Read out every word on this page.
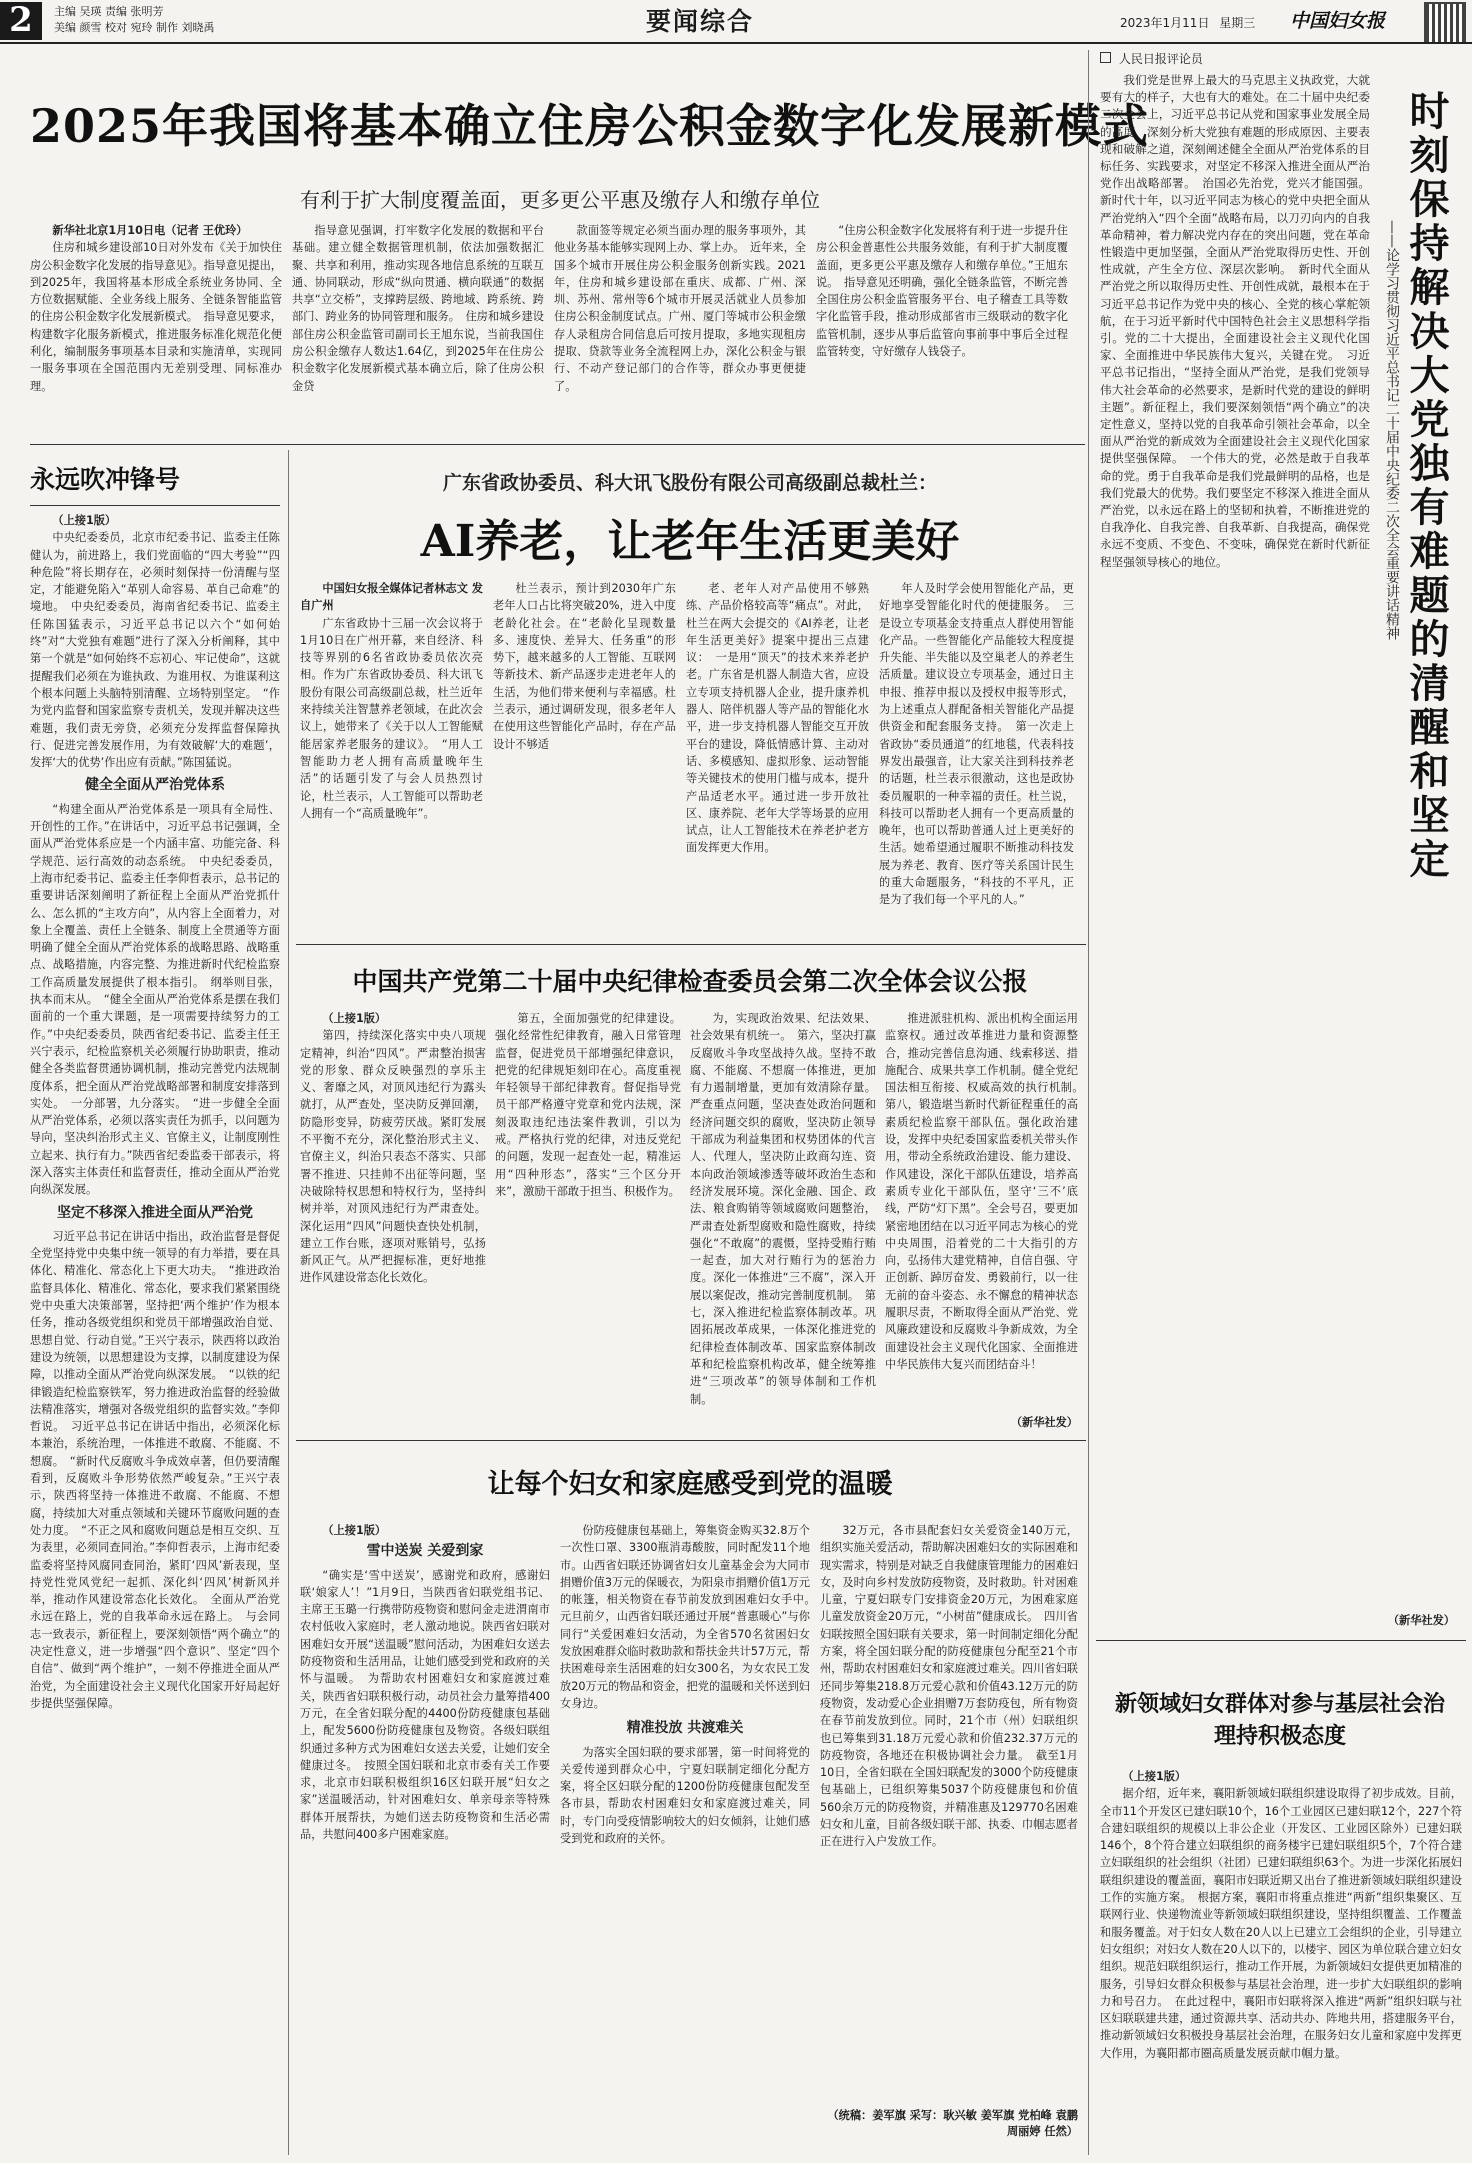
2	主编 吴瑛 责编 张明芳
美编 颜雪 校对 宛玲 制作 刘晓禹	要闻综合	2023年1月11日 星期三	中国妇女报
2025年我国将基本确立住房公积金数字化发展新模式
有利于扩大制度覆盖面，更多更公平惠及缴存人和缴存单位

新华社北京1月10日电（记者 王优玲）

住房和城乡建设部10日对外发布《关于加快住房公积金数字化发展的指导意见》。指导意见提出，到2025年，我国将基本形成全系统业务协同、全方位数据赋能、全业务线上服务、全链条智能监管的住房公积金数字化发展新模式。　指导意见要求，构建数字化服务新模式，推进服务标准化规范化便利化，编制服务事项基本目录和实施清单，实现同一服务事项在全国范围内无差别受理、同标准办理。

指导意见强调，打牢数字化发展的数据和平台基础。建立健全数据管理机制，依法加强数据汇聚、共享和利用，推动实现各地信息系统的互联互通、协同联动，形成“纵向贯通、横向联通”的数据共享“立交桥”，支撑跨层级、跨地域、跨系统、跨部门、跨业务的协同管理和服务。　住房和城乡建设部住房公积金监管司副司长王旭东说，当前我国住房公积金缴存人数达1.64亿，到2025年在住房公积金数字化发展新模式基本确立后，除了住房公积金贷

款面签等规定必须当面办理的服务事项外，其他业务基本能够实现网上办、掌上办。　近年来，全国多个城市开展住房公积金服务创新实践。2021年，住房和城乡建设部在重庆、成都、广州、深圳、苏州、常州等6个城市开展灵活就业人员参加住房公积金制度试点。广州、厦门等城市公积金缴存人录租房合同信息后可按月提取，多地实现租房提取、贷款等业务全流程网上办，深化公积金与银行、不动产登记部门的合作等，群众办事更便捷了。

“住房公积金数字化发展将有利于进一步提升住房公积金普惠性公共服务效能，有利于扩大制度覆盖面，更多更公平惠及缴存人和缴存单位。”王旭东说。　指导意见还明确，强化全链条监管，不断完善全国住房公积金监管服务平台、电子稽查工具等数字化监管手段，推动形成部省市三级联动的数字化监管机制，逐步从事后监管向事前事中事后全过程监管转变，守好缴存人钱袋子。

永远吹冲锋号

（上接1版）

中央纪委委员，北京市纪委书记、监委主任陈健认为，前进路上，我们党面临的“四大考验”“四种危险”将长期存在，必须时刻保持一份清醒与坚定，才能避免陷入“革别人命容易、革自己命难”的境地。　中央纪委委员，海南省纪委书记、监委主任陈国猛表示，习近平总书记以六个“如何始终”对“大党独有难题”进行了深入分析阐释，其中第一个就是“如何始终不忘初心、牢记使命”，这就提醒我们必须在为谁执政、为谁用权、为谁谋利这个根本问题上头脑特别清醒、立场特别坚定。　“作为党内监督和国家监察专责机关，发现并解决这些难题，我们责无旁贷，必须充分发挥监督保障执行、促进完善发展作用，为有效破解‘大的难题’，发挥‘大的优势’作出应有贡献。”陈国猛说。

健全全面从严治党体系

“构建全面从严治党体系是一项具有全局性、开创性的工作。”在讲话中，习近平总书记强调，全面从严治党体系应是一个内涵丰富、功能完备、科学规范、运行高效的动态系统。　中央纪委委员，上海市纪委书记、监委主任李仰哲表示，总书记的重要讲话深刻阐明了新征程上全面从严治党抓什么、怎么抓的“主攻方向”，从内容上全面着力，对象上全覆盖、责任上全链条、制度上全贯通等方面明确了健全全面从严治党体系的战略思路、战略重点、战略措施，内容完整、为推进新时代纪检监察工作高质量发展提供了根本指引。　纲举则目张，执本而末从。　“健全全面从严治党体系是摆在我们面前的一个重大课题，是一项需要持续努力的工作。”中央纪委委员，陕西省纪委书记、监委主任王兴宁表示，纪检监察机关必须履行协助职责，推动健全各类监督贯通协调机制，推动完善党内法规制度体系，把全面从严治党战略部署和制度安排落到实处。　一分部署，九分落实。　“进一步健全全面从严治党体系，必须以落实责任为抓手，以问题为导向，坚决纠治形式主义、官僚主义，让制度刚性立起来、执行有力。”陕西省纪委监委干部表示，将深入落实主体责任和监督责任，推动全面从严治党向纵深发展。

坚定不移深入推进全面从严治党

习近平总书记在讲话中指出，政治监督是督促全党坚持党中央集中统一领导的有力举措，要在具体化、精准化、常态化上下更大功夫。　“推进政治监督具体化、精准化、常态化，要求我们紧紧围绕党中央重大决策部署，坚持把‘两个维护’作为根本任务，推动各级党组织和党员干部增强政治自觉、思想自觉、行动自觉。”王兴宁表示，陕西将以政治建设为统领，以思想建设为支撑，以制度建设为保障，以推动全面从严治党向纵深发展。　“以铁的纪律锻造纪检监察铁军，努力推进政治监督的经验做法精准落实，增强对各级党组织的监督实效。”李仰哲说。　习近平总书记在讲话中指出，必须深化标本兼治，系统治理，一体推进不敢腐、不能腐、不想腐。　“新时代反腐败斗争成效卓著，但仍要清醒看到，反腐败斗争形势依然严峻复杂。”王兴宁表示，陕西将坚持一体推进不敢腐、不能腐、不想腐，持续加大对重点领域和关键环节腐败问题的查处力度。　“不正之风和腐败问题总是相互交织、互为表里，必须同查同治。”李仰哲表示，上海市纪委监委将坚持风腐同查同治，紧盯‘四风’新表现，坚持党性党风党纪一起抓、深化纠‘四风’树新风并举，推动作风建设常态化长效化。　全面从严治党永远在路上，党的自我革命永远在路上。　与会同志一致表示，新征程上，要深刻领悟“两个确立”的决定性意义，进一步增强“四个意识”、坚定“四个自信”、做到“两个维护”，一刻不停推进全面从严治党，为全面建设社会主义现代化国家开好局起好步提供坚强保障。

广东省政协委员、科大讯飞股份有限公司高级副总裁杜兰：
AI养老，让老年生活更美好

中国妇女报全媒体记者林志文 发自广州

广东省政协十三届一次会议将于1月10日在广州开幕，来自经济、科技等界别的6名省政协委员依次亮相。作为广东省政协委员、科大讯飞股份有限公司高级副总裁，杜兰近年来持续关注智慧养老领域，在此次会议上，她带来了《关于以人工智能赋能居家养老服务的建议》。　“用人工智能助力老人拥有高质量晚年生活”的话题引发了与会人员热烈讨论，杜兰表示，人工智能可以帮助老人拥有一个“高质量晚年”。

杜兰表示，预计到2030年广东老年人口占比将突破20%，进入中度老龄化社会。在“老龄化呈现数量多、速度快、差异大、任务重”的形势下，越来越多的人工智能、互联网等新技术、新产品逐步走进老年人的生活，为他们带来便利与幸福感。杜兰表示，通过调研发现，很多老年人在使用这些智能化产品时，存在产品设计不够适

老、老年人对产品使用不够熟练、产品价格较高等“痛点”。对此，杜兰在两大会提交的《AI养老，让老年生活更美好》提案中提出三点建议：　一是用“顶天”的技术来养老护老。广东省是机器人制造大省，应设立专项支持机器人企业，提升康养机器人、陪伴机器人等产品的智能化水平，进一步支持机器人智能交互开放平台的建设，降低情感计算、主动对话、多模感知、虚拟形象、运动智能等关键技术的使用门槛与成本，提升产品适老水平。通过进一步开放社区、康养院、老年大学等场景的应用试点，让人工智能技术在养老护老方面发挥更大作用。

年人及时学会使用智能化产品，更好地享受智能化时代的便捷服务。　三是设立专项基金支持重点人群使用智能化产品。一些智能化产品能较大程度提升失能、半失能以及空巢老人的养老生活质量。建议设立专项基金，通过日主申报、推荐申报以及授权申报等形式，为上述重点人群配备相关智能化产品提供资金和配套服务支持。　第一次走上省政协“委员通道”的红地毯，代表科技界发出最强音，让大家关注到科技养老的话题，杜兰表示很激动，这也是政协委员履职的一种幸福的责任。杜兰说，科技可以帮助老人拥有一个更高质量的晚年，也可以帮助普通人过上更美好的生活。她希望通过履职不断推动科技发展为养老、教育、医疗等关系国计民生的重大命题服务，“科技的不平凡，正是为了我们每一个平凡的人。”

中国共产党第二十届中央纪律检查委员会第二次全体会议公报

（上接1版）

第四，持续深化落实中央八项规定精神，纠治“四风”。严肃整治损害党的形象、群众反映强烈的享乐主义、奢靡之风，对顶风违纪行为露头就打，从严查处，坚决防反弹回潮，防隐形变异，防疲劳厌战。紧盯发展不平衡不充分，深化整治形式主义、官僚主义，纠治只表态不落实、只部署不推进、只挂帅不出征等问题，坚决破除特权思想和特权行为，坚持纠树并举，对顶风违纪行为严肃查处。深化运用“四风”问题快查快处机制，建立工作台账，逐项对账销号，弘扬新风正气。从严把握标准，更好地推进作风建设常态化长效化。

第五，全面加强党的纪律建设。强化经常性纪律教育，融入日常管理监督，促进党员干部增强纪律意识，把党的纪律规矩刻印在心。高度重视年轻领导干部纪律教育。督促指导党员干部严格遵守党章和党内法规，深刻汲取违纪违法案件教训，引以为戒。严格执行党的纪律，对违反党纪的问题，发现一起查处一起，精准运用“四种形态”，落实“三个区分开来”，激励干部敢于担当、积极作为。

为，实现政治效果、纪法效果、社会效果有机统一。　第六，坚决打赢反腐败斗争攻坚战持久战。坚持不敢腐、不能腐、不想腐一体推进，更加有力遏制增量，更加有效清除存量。严查重点问题，坚决查处政治问题和经济问题交织的腐败，坚决防止领导干部成为利益集团和权势团体的代言人、代理人，坚决防止政商勾连、资本向政治领域渗透等破坏政治生态和经济发展环境。深化金融、国企、政法、粮食购销等领域腐败问题整治，严肃查处新型腐败和隐性腐败，持续强化“不敢腐”的震慑，坚持受贿行贿一起查，加大对行贿行为的惩治力度。深化一体推进“三不腐”，深入开展以案促改，推动完善制度机制。　第七，深入推进纪检监察体制改革。巩固拓展改革成果，一体深化推进党的纪律检查体制改革、国家监察体制改革和纪检监察机构改革，健全统筹推进“三项改革”的领导体制和工作机制。

推进派驻机构、派出机构全面运用监察权。通过改革推进力量和资源整合，推动完善信息沟通、线索移送、措施配合、成果共享工作机制。健全党纪国法相互衔接、权威高效的执行机制。　第八，锻造堪当新时代新征程重任的高素质纪检监察干部队伍。强化政治建设，发挥中央纪委国家监委机关带头作用，带动全系统政治建设、能力建设、作风建设，深化干部队伍建设，培养高素质专业化干部队伍，坚守‘三不’底线，严防“灯下黑”。全会号召，要更加紧密地团结在以习近平同志为核心的党中央周围，沿着党的二十大指引的方向，弘扬伟大建党精神，自信自强、守正创新、踔厉奋发、勇毅前行，以一往无前的奋斗姿态、永不懈怠的精神状态履职尽责，不断取得全面从严治党、党风廉政建设和反腐败斗争新成效，为全面建设社会主义现代化国家、全面推进中华民族伟大复兴而团结奋斗！

（新华社发）
让每个妇女和家庭感受到党的温暖

（上接1版）

雪中送炭 关爱到家

“确实是‘雪中送炭’，感谢党和政府，感谢妇联‘娘家人’！”1月9日，当陕西省妇联党组书记、主席王玉璐一行携带防疫物资和慰问金走进渭南市农村低收入家庭时，老人激动地说。陕西省妇联对困难妇女开展“送温暖”慰问活动，为困难妇女送去防疫物资和生活用品，让她们感受到党和政府的关怀与温暖。　为帮助农村困难妇女和家庭渡过难关，陕西省妇联积极行动，动员社会力量筹措400万元，在全省妇联分配的4400份防疫健康包基础上，配发5600份防疫健康包及物资。各级妇联组织通过多种方式为困难妇女送去关爱，让她们安全健康过冬。　按照全国妇联和北京市委有关工作要求，北京市妇联积极组织16区妇联开展“妇女之家”送温暖活动，针对困难妇女、单亲母亲等特殊群体开展帮扶，为她们送去防疫物资和生活必需品，共慰问400多户困难家庭。

份防疫健康包基础上，筹集资金购买32.8万个一次性口罩、3300瓶消毒酸胺，同时配发11个地市。山西省妇联还协调省妇女儿童基金会为大同市捐赠价值3万元的保暖衣，为阳泉市捐赠价值1万元的帐篷，相关物资在春节前发放到困难妇女手中。　元旦前夕，山西省妇联还通过开展“普惠暖心”与你同行“关爱困难妇女活动，为全省570名贫困妇女发放困难群众临时救助款和帮扶金共计57万元，帮扶困难母亲生活困难的妇女300名，为女农民工发放20万元的物品和资金，把党的温暖和关怀送到妇女身边。

精准投放 共渡难关

为落实全国妇联的要求部署，第一时间将党的关爱传递到群众心中，宁夏妇联制定细化分配方案，将全区妇联分配的1200份防疫健康包配发至各市县，帮助农村困难妇女和家庭渡过难关，同时，专门向受疫情影响较大的妇女倾斜，让她们感受到党和政府的关怀。

32万元，各市县配套妇女关爱资金140万元，组织实施关爱活动，帮助解决困难妇女的实际困难和现实需求，特别是对缺乏自我健康管理能力的困难妇女，及时向乡村发放防疫物资，及时救助。针对困难儿童，宁夏妇联专门安排资金20万元，为困难家庭儿童发放资金20万元，“小树苗”健康成长。　四川省妇联按照全国妇联有关要求，第一时间制定细化分配方案，将全国妇联分配的防疫健康包分配至21个市州，帮助农村困难妇女和家庭渡过难关。四川省妇联还同步筹集218.8万元爱心款和价值43.12万元的防疫物资，发动爱心企业捐赠7万套防疫包，所有物资在春节前发放到位。同时，21个市（州）妇联组织也已筹集到31.18万元爱心款和价值232.37万元的防疫物资，各地还在积极协调社会力量。　截至1月10日，全省妇联在全国妇联配发的3000个防疫健康包基础上，已组织筹集5037个防疫健康包和价值560余万元的防疫物资，并精准惠及129770名困难妇女和儿童，目前各级妇联干部、执委、巾帼志愿者正在进行入户发放工作。

（统稿：姜军旗 采写：耿兴敏 姜军旗 党柏峰 袁鹏 周丽婷 任然）
人民日报评论员

我们党是世界上最大的马克思主义执政党，大就要有大的样子，大也有大的难处。在二十届中央纪委二次全会上，习近平总书记从党和国家事业发展全局的高度，深刻分析大党独有难题的形成原因、主要表现和破解之道，深刻阐述健全全面从严治党体系的目标任务、实践要求，对坚定不移深入推进全面从严治党作出战略部署。　治国必先治党，党兴才能国强。新时代十年，以习近平同志为核心的党中央把全面从严治党纳入“四个全面”战略布局，以刀刃向内的自我革命精神，着力解决党内存在的突出问题，党在革命性锻造中更加坚强，全面从严治党取得历史性、开创性成就，产生全方位、深层次影响。　新时代全面从严治党之所以取得历史性、开创性成就，最根本在于习近平总书记作为党中央的核心、全党的核心掌舵领航，在于习近平新时代中国特色社会主义思想科学指引。党的二十大提出，全面建设社会主义现代化国家、全面推进中华民族伟大复兴，关键在党。　习近平总书记指出，“坚持全面从严治党，是我们党领导伟大社会革命的必然要求，是新时代党的建设的鲜明主题”。新征程上，我们要深刻领悟“两个确立”的决定性意义，坚持以党的自我革命引领社会革命，以全面从严治党的新成效为全面建设社会主义现代化国家提供坚强保障。　一个伟大的党，必然是敢于自我革命的党。勇于自我革命是我们党最鲜明的品格，也是我们党最大的优势。我们要坚定不移深入推进全面从严治党，以永远在路上的坚韧和执着，不断推进党的自我净化、自我完善、自我革新、自我提高，确保党永远不变质、不变色、不变味，确保党在新时代新征程坚强领导核心的地位。

（新华社发）
时刻保持解决大党独有难题的清醒和坚定
——论学习贯彻习近平总书记二十届中央纪委二次全会重要讲话精神
新领域妇女群体对参与基层社会治理持积极态度

（上接1版）

据介绍，近年来，襄阳新领域妇联组织建设取得了初步成效。目前，全市11个开发区已建妇联10个，16个工业园区已建妇联12个，227个符合建妇联组织的规模以上非公企业（开发区、工业园区除外）已建妇联146个，8个符合建立妇联组织的商务楼宇已建妇联组织5个，7个符合建立妇联组织的社会组织（社团）已建妇联组织63个。为进一步深化拓展妇联组织建设的覆盖面，襄阳市妇联近期又出台了推进新领域妇联组织建设工作的实施方案。　根据方案，襄阳市将重点推进“两新”组织集聚区、互联网行业、快递物流业等新领域妇联组织建设，坚持组织覆盖、工作覆盖和服务覆盖。对于妇女人数在20人以上已建立工会组织的企业，引导建立妇女组织；对妇女人数在20人以下的，以楼宇、园区为单位联合建立妇女组织。规范妇联组织运行，推动工作开展，为新领域妇女提供更加精准的服务，引导妇女群众积极参与基层社会治理，进一步扩大妇联组织的影响力和号召力。　在此过程中，襄阳市妇联将深入推进“两新”组织妇联与社区妇联联建共建，通过资源共享、活动共办、阵地共用，搭建服务平台，推动新领域妇女积极投身基层社会治理，在服务妇女儿童和家庭中发挥更大作用，为襄阳都市圈高质量发展贡献巾帼力量。
